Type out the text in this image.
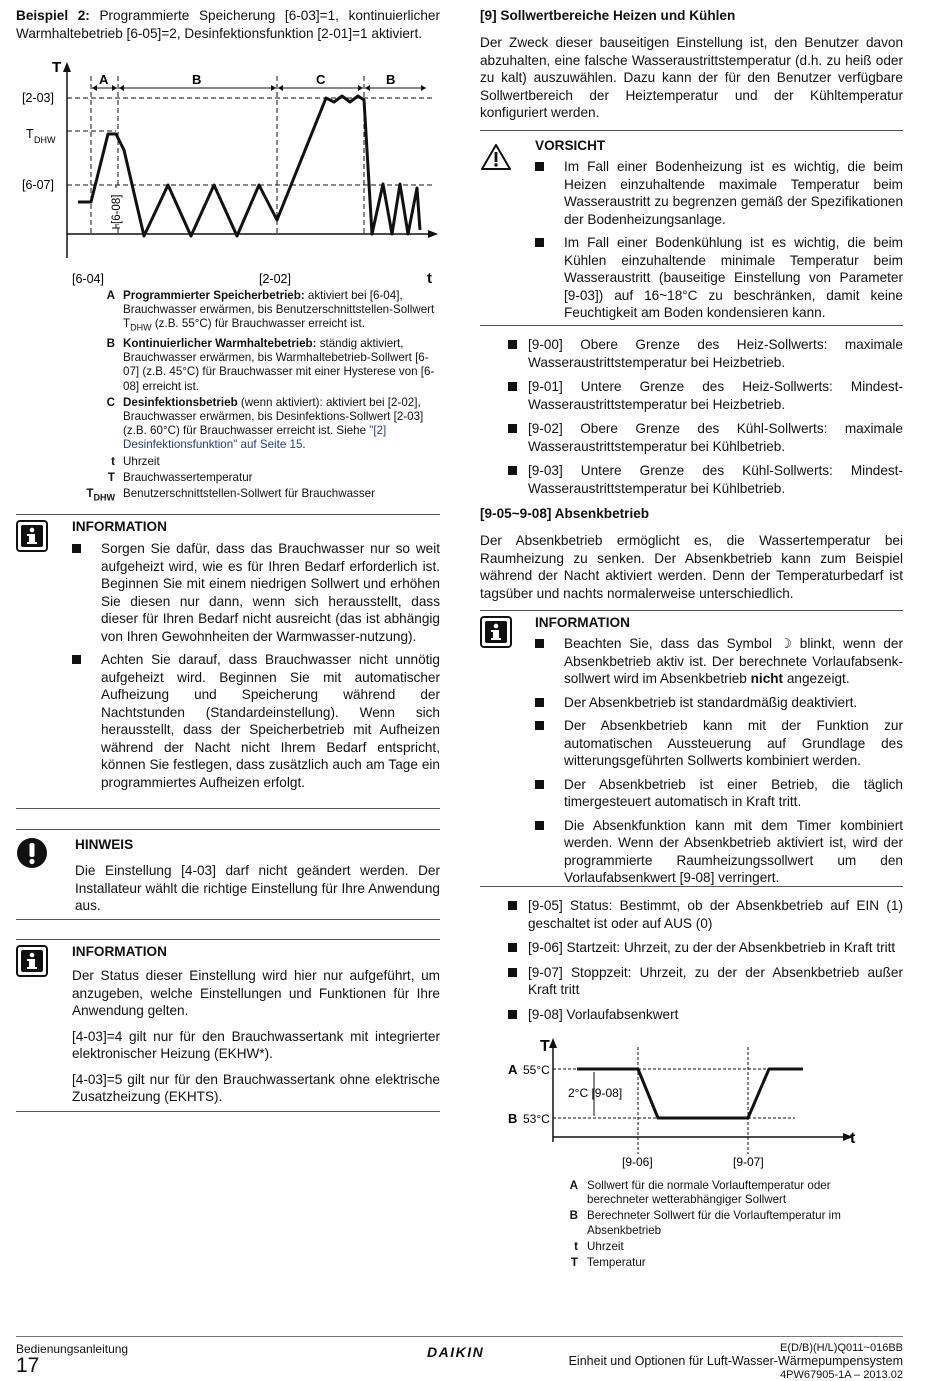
Beispiel 2: Programmierte Speicherung [6-03]=1, kontinuierlicher Warmhaltebetrieb [6-05]=2, Desinfektionsfunktion [2-01]=1 aktiviert.

T
t
A	B	C	B
[2-03]
T DHW
[6-07]
[6-04]	[2-02]
[6-08]
A Programmierter Speicherbetrieb: aktiviert bei [6-04], Brauchwasser erwärmen, bis Benutzerschnittstellen-Sollwert $T_{DHW}$ (z.B. 55°C) für Brauchwasser erreicht ist.
B Kontinuierlicher Warmhaltebetrieb: ständig aktiviert, Brauchwasser erwärmen, bis Warmhaltebetrieb-Sollwert [6-07] (z.B. 45°C) für Brauchwasser mit einer Hysterese von [6-08] erreicht ist.
C Desinfektionsbetrieb (wenn aktiviert): aktiviert bei [2-02], Brauchwasser erwärmen, bis Desinfektions-Sollwert [2-03] (z.B. 60°C) für Brauchwasser erreicht ist. Siehe "[2] Desinfektionsfunktion" auf Seite 15.
t Uhrzeit
T Brauchwassertemperatur
$T_{DHW}$ Benutzerschnittstellen-Sollwert für Brauchwasser
INFORMATION
Sorgen Sie dafür, dass das Brauchwasser nur so weit aufgeheizt wird, wie es für Ihren Bedarf erforderlich ist. Beginnen Sie mit einem niedrigen Sollwert und erhöhen Sie diesen nur dann, wenn sich herausstellt, dass dieser für Ihren Bedarf nicht ausreicht (das ist abhängig von Ihren Gewohnheiten der Warmwasser-nutzung).
Achten Sie darauf, dass Brauchwasser nicht unnötig aufgeheizt wird. Beginnen Sie mit automatischer Aufheizung und Speicherung während der Nachtstunden (Standardeinstellung). Wenn sich herausstellt, dass der Speicherbetrieb mit Aufheizen während der Nacht nicht Ihrem Bedarf entspricht, können Sie festlegen, dass zusätzlich auch am Tage ein programmiertes Aufheizen erfolgt.
HINWEIS

Die Einstellung [4-03] darf nicht geändert werden. Der Installateur wählt die richtige Einstellung für Ihre Anwendung aus.

INFORMATION

Der Status dieser Einstellung wird hier nur aufgeführt, um anzugeben, welche Einstellungen und Funktionen für Ihre Anwendung gelten.

[4-03]=4 gilt nur für den Brauchwassertank mit integrierter elektronischer Heizung (EKHW*).

[4-03]=5 gilt nur für den Brauchwassertank ohne elektrische Zusatzheizung (EKHTS).

[9] Sollwertbereiche Heizen und Kühlen

Der Zweck dieser bauseitigen Einstellung ist, den Benutzer davon abzuhalten, eine falsche Wasseraustrittstemperatur (d.h. zu heiß oder zu kalt) auszuwählen. Dazu kann der für den Benutzer verfügbare Sollwertbereich der Heiztemperatur und der Kühltemperatur konfiguriert werden.

VORSICHT
Im Fall einer Bodenheizung ist es wichtig, die beim Heizen einzuhaltende maximale Temperatur beim Wasseraustritt zu begrenzen gemäß der Spezifikationen der Bodenheizungsanlage.
Im Fall einer Bodenkühlung ist es wichtig, die beim Kühlen einzuhaltende minimale Temperatur beim Wasseraustritt (bauseitige Einstellung von Parameter [9-03]) auf 16~18°C zu beschränken, damit keine Feuchtigkeit am Boden kondensieren kann.
[9-00] Obere Grenze des Heiz-Sollwerts: maximale Wasseraustrittstemperatur bei Heizbetrieb.
[9-01] Untere Grenze des Heiz-Sollwerts: Mindest-Wasseraustrittstemperatur bei Heizbetrieb.
[9-02] Obere Grenze des Kühl-Sollwerts: maximale Wasseraustrittstemperatur bei Kühlbetrieb.
[9-03] Untere Grenze des Kühl-Sollwerts: Mindest-Wasseraustrittstemperatur bei Kühlbetrieb.
[9-05~9-08] Absenkbetrieb

Der Absenkbetrieb ermöglicht es, die Wassertemperatur bei Raumheizung zu senken. Der Absenkbetrieb kann zum Beispiel während der Nacht aktiviert werden. Denn der Temperaturbedarf ist tagsüber und nachts normalerweise unterschiedlich.

INFORMATION
Beachten Sie, dass das Symbol ☽ blinkt, wenn der Absenkbetrieb aktiv ist. Der berechnete Vorlaufabsenk-sollwert wird im Absenkbetrieb nicht angezeigt.
Der Absenkbetrieb ist standardmäßig deaktiviert.
Der Absenkbetrieb kann mit der Funktion zur automatischen Aussteuerung auf Grundlage des witterungsgeführten Sollwerts kombiniert werden.
Der Absenkbetrieb ist einer Betrieb, die täglich timergesteuert automatisch in Kraft tritt.
Die Absenkfunktion kann mit dem Timer kombiniert werden. Wenn der Absenkbetrieb aktiviert ist, wird der programmierte Raumheizungssollwert um den Vorlaufabsenkwert [9-08] verringert.
[9-05] Status: Bestimmt, ob der Absenkbetrieb auf EIN (1) geschaltet ist oder auf AUS (0)
[9-06] Startzeit: Uhrzeit, zu der der Absenkbetrieb in Kraft tritt
[9-07] Stoppzeit: Uhrzeit, zu der der Absenkbetrieb außer Kraft tritt
[9-08] Vorlaufabsenkwert
T
t
A 55°C
B 53°C
2°C [9-08]
[9-06]	[9-07]
A Sollwert für die normale Vorlauftemperatur oder berechneter wetterabhängiger Sollwert
B Berechneter Sollwert für die Vorlauftemperatur im Absenkbetrieb
t Uhrzeit
T Temperatur
Bedienungsanleitung
17
DAIKIN	E(D/B)(H/L)Q011~016BB
Einheit und Optionen für Luft-Wasser-Wärmepumpensystem
4PW67905-1A – 2013.02
